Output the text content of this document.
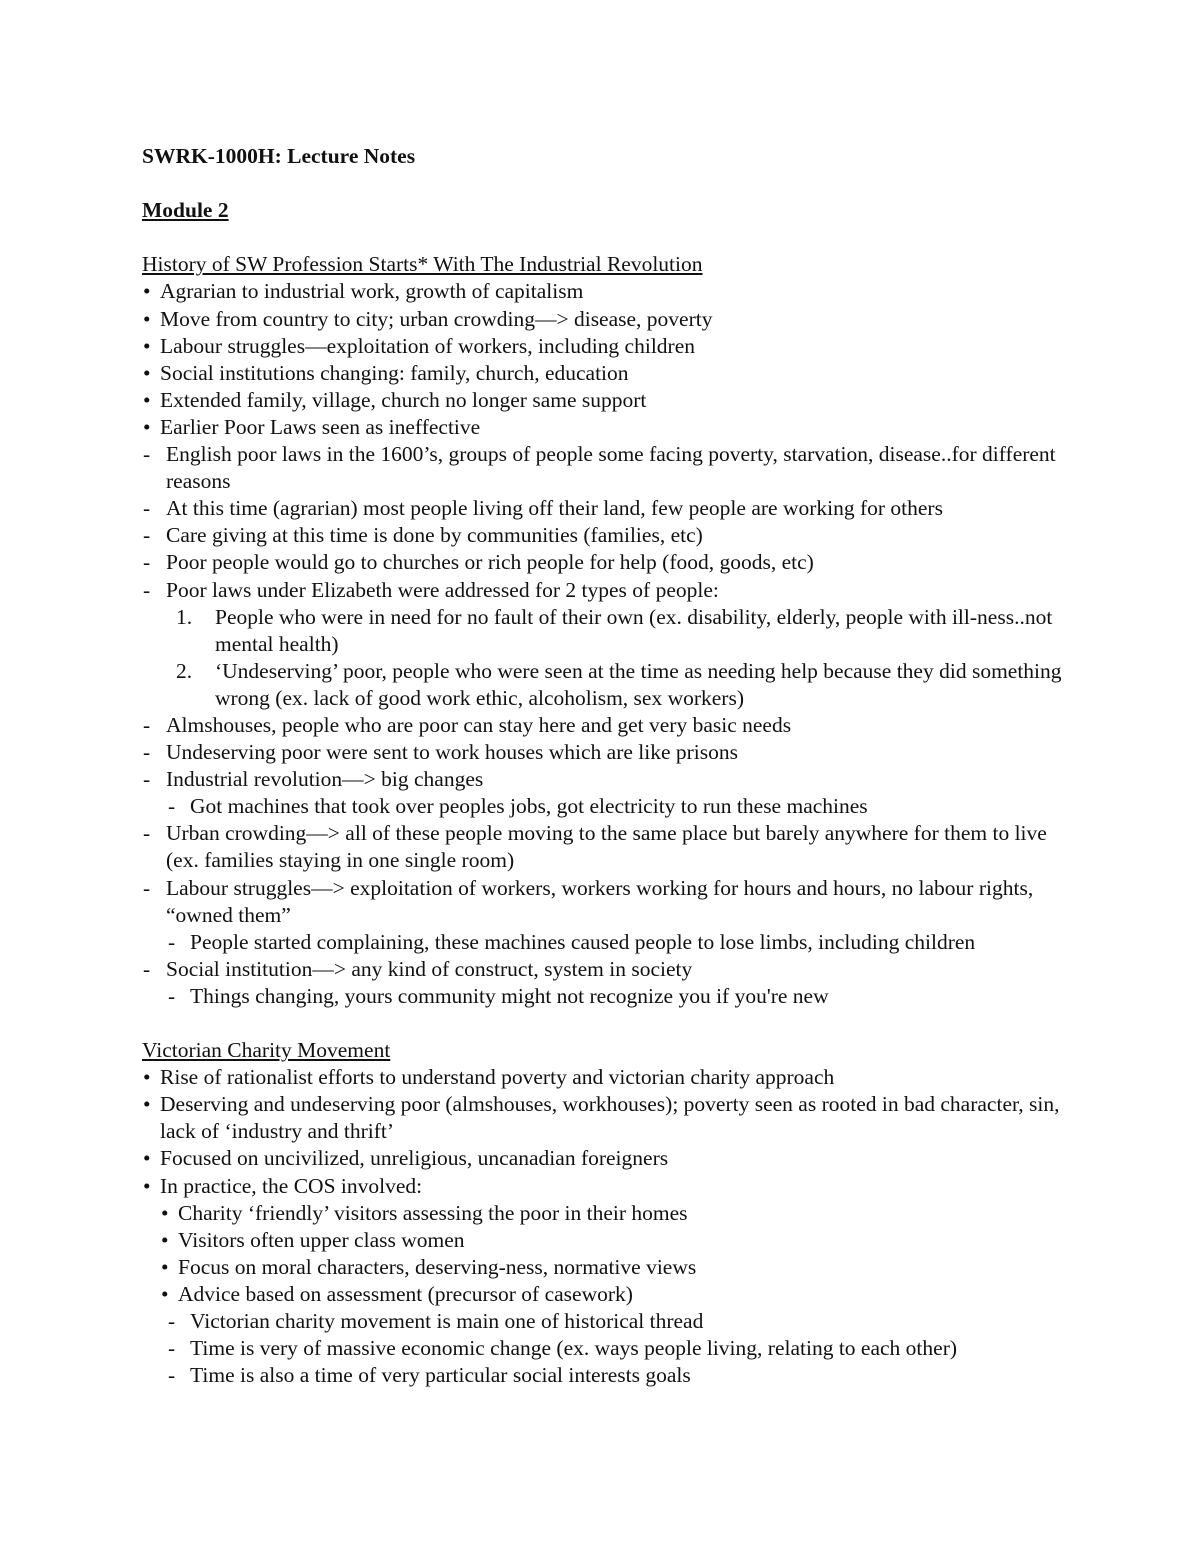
SWRK-1000H: Lecture Notes
Module 2
History of SW Profession Starts* With The Industrial Revolution
• Agrarian to industrial work, growth of capitalism
• Move from country to city; urban crowding—> disease, poverty
• Labour struggles—exploitation of workers, including children
• Social institutions changing: family, church, education
• Extended family, village, church no longer same support
• Earlier Poor Laws seen as ineffective
- English poor laws in the 1600’s, groups of people some facing poverty, starvation, disease..for different reasons
- At this time (agrarian) most people living off their land, few people are working for others
- Care giving at this time is done by communities (families, etc)
- Poor people would go to churches or rich people for help (food, goods, etc)
- Poor laws under Elizabeth were addressed for 2 types of people:
1. People who were in need for no fault of their own (ex. disability, elderly, people with ill-ness..not mental health)
2. ‘Undeserving’ poor, people who were seen at the time as needing help because they did something wrong (ex. lack of good work ethic, alcoholism, sex workers)
- Almshouses, people who are poor can stay here and get very basic needs
- Undeserving poor were sent to work houses which are like prisons
- Industrial revolution—> big changes
- Got machines that took over peoples jobs, got electricity to run these machines
- Urban crowding—> all of these people moving to the same place but barely anywhere for them to live (ex. families staying in one single room)
- Labour struggles—> exploitation of workers, workers working for hours and hours, no labour rights, “owned them”
- People started complaining, these machines caused people to lose limbs, including children
- Social institution—> any kind of construct, system in society
- Things changing, yours community might not recognize you if you're new
Victorian Charity Movement
• Rise of rationalist efforts to understand poverty and victorian charity approach
• Deserving and undeserving poor (almshouses, workhouses); poverty seen as rooted in bad character, sin, lack of ‘industry and thrift’
• Focused on uncivilized, unreligious, uncanadian foreigners
• In practice, the COS involved:
• Charity ‘friendly’ visitors assessing the poor in their homes
• Visitors often upper class women
• Focus on moral characters, deserving-ness, normative views
• Advice based on assessment (precursor of casework)
- Victorian charity movement is main one of historical thread
- Time is very of massive economic change (ex. ways people living, relating to each other)
- Time is also a time of very particular social interests goals
